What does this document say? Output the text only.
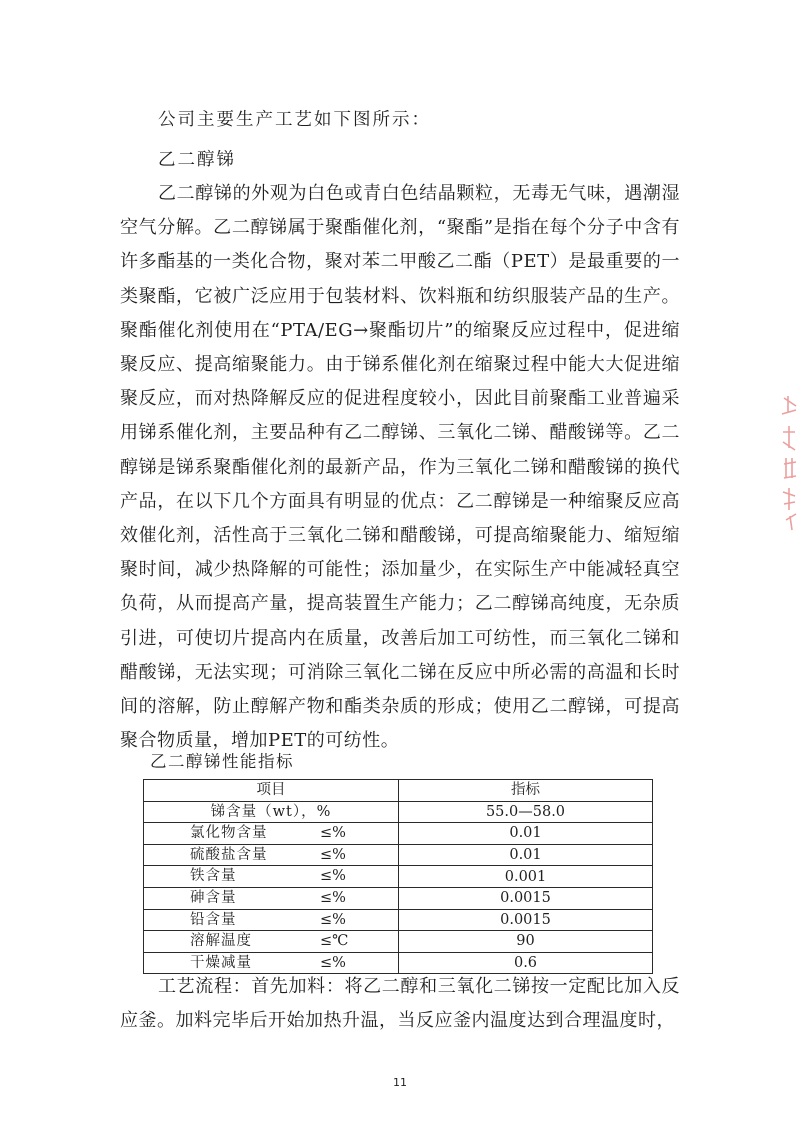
公司主要生产工艺如下图所示：
乙二醇锑

乙二醇锑的外观为白色或青白色结晶颗粒，无毒无气味，遇潮湿空气分解。乙二醇锑属于聚酯催化剂，“聚酯”是指在每个分子中含有许多酯基的一类化合物，聚对苯二甲酸乙二酯（PET）是最重要的一类聚酯，它被广泛应用于包装材料、饮料瓶和纺织服装产品的生产。聚酯催化剂使用在“PTA/EG→聚酯切片”的缩聚反应过程中，促进缩聚反应、提高缩聚能力。由于锑系催化剂在缩聚过程中能大大促进缩聚反应，而对热降解反应的促进程度较小，因此目前聚酯工业普遍采用锑系催化剂，主要品种有乙二醇锑、三氧化二锑、醋酸锑等。乙二醇锑是锑系聚酯催化剂的最新产品，作为三氧化二锑和醋酸锑的换代产品，在以下几个方面具有明显的优点：乙二醇锑是一种缩聚反应高效催化剂，活性高于三氧化二锑和醋酸锑，可提高缩聚能力、缩短缩聚时间，减少热降解的可能性；添加量少，在实际生产中能减轻真空负荷，从而提高产量，提高装置生产能力；乙二醇锑高纯度，无杂质引进，可使切片提高内在质量，改善后加工可纺性，而三氧化二锑和醋酸锑，无法实现；可消除三氧化二锑在反应中所必需的高温和长时间的溶解，防止醇解产物和酯类杂质的形成；使用乙二醇锑，可提高聚合物质量，增加PET的可纺性。

乙二醇锑性能指标
项目	指标

锑含量（wt），%	55.0—58.0

氯化物含量 ≤%	0.01

硫酸盐含量 ≤%	0.01

铁含量 ≤%	0.001

砷含量 ≤%	0.0015

铅含量 ≤%	0.0015

溶解温度 ≤℃	90

干燥减量 ≤%	0.6

工艺流程：首先加料：将乙二醇和三氧化二锑按一定配比加入反应釜。加料完毕后开始加热升温，当反应釜内温度达到合理温度时，

11
